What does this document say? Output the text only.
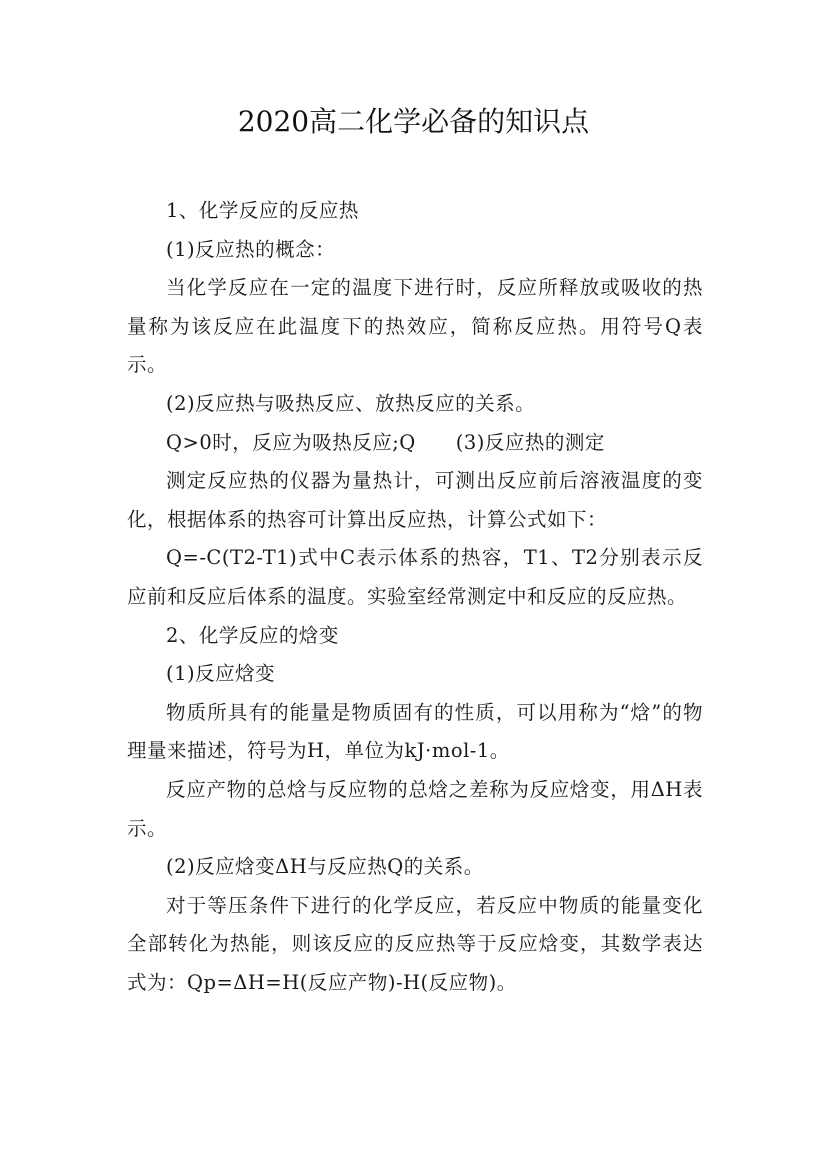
2020高二化学必备的知识点

1、化学反应的反应热

(1)反应热的概念：

当化学反应在一定的温度下进行时，反应所释放或吸收的热量称为该反应在此温度下的热效应，简称反应热。用符号Q表示。

(2)反应热与吸热反应、放热反应的关系。

Q>0时，反应为吸热反应;Q　　(3)反应热的测定

测定反应热的仪器为量热计，可测出反应前后溶液温度的变化，根据体系的热容可计算出反应热，计算公式如下：

Q=-C(T2-T1)式中C表示体系的热容，T1、T2分别表示反应前和反应后体系的温度。实验室经常测定中和反应的反应热。

2、化学反应的焓变

(1)反应焓变

物质所具有的能量是物质固有的性质，可以用称为“焓”的物理量来描述，符号为H，单位为kJ·mol-1。

反应产物的总焓与反应物的总焓之差称为反应焓变，用ΔH表示。

(2)反应焓变ΔH与反应热Q的关系。

对于等压条件下进行的化学反应，若反应中物质的能量变化全部转化为热能，则该反应的反应热等于反应焓变，其数学表达式为：Qp=ΔH=H(反应产物)-H(反应物)。
